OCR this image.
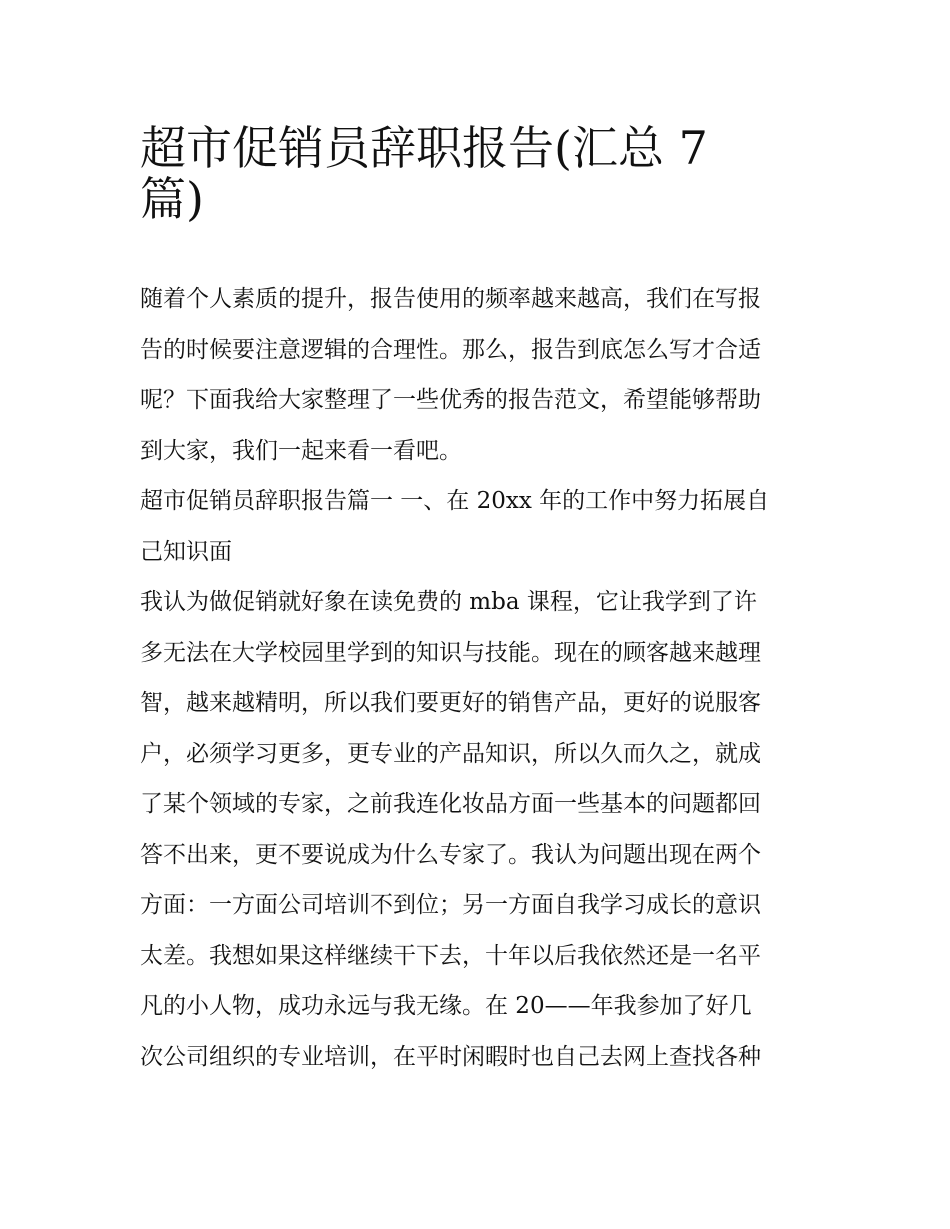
超市促销员辞职报告(汇总 7
篇)
随着个人素质的提升，报告使用的频率越来越高，我们在写报
告的时候要注意逻辑的合理性。那么，报告到底怎么写才合适
呢？下面我给大家整理了一些优秀的报告范文，希望能够帮助
到大家，我们一起来看一看吧。
超市促销员辞职报告篇一 一、在 20xx 年的工作中努力拓展自
己知识面
我认为做促销就好象在读免费的 mba 课程，它让我学到了许
多无法在大学校园里学到的知识与技能。现在的顾客越来越理
智，越来越精明，所以我们要更好的销售产品，更好的说服客
户，必须学习更多，更专业的产品知识，所以久而久之，就成
了某个领域的专家，之前我连化妆品方面一些基本的问题都回
答不出来，更不要说成为什么专家了。我认为问题出现在两个
方面：一方面公司培训不到位；另一方面自我学习成长的意识
太差。我想如果这样继续干下去，十年以后我依然还是一名平
凡的小人物，成功永远与我无缘。在 20——年我参加了好几
次公司组织的专业培训，在平时闲暇时也自己去网上查找各种
